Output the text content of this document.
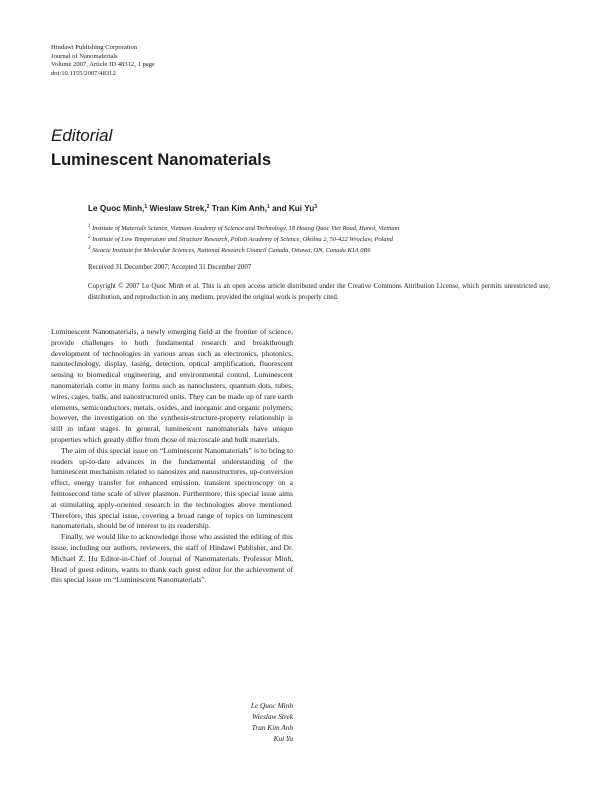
Hindawi Publishing Corporation
Journal of Nanomaterials
Volume 2007, Article ID 48312, 1 page
doi:10.1155/2007/48312
Editorial
Luminescent Nanomaterials
Le Quoc Minh,$^1$ Wieslaw Strek,$^2$ Tran Kim Anh,$^1$ and Kui Yu$^3$
$^1$ Institute of Materials Science, Vietnam Academy of Science and Technology, 18 Hoang Quoc Viet Road, Hanoi, Vietnam
$^2$ Institute of Low Temperature and Structure Research, Polish Academy of Science, Okólna 2, 50-422 Wroclaw, Poland
$^3$ Steacie Institute for Molecular Sciences, National Research Council Canada, Ottawa, ON, Canada K1A 0R6
Received 31 December 2007; Accepted 31 December 2007
Copyright © 2007 Le Quoc Minh et al. This is an open access article distributed under the Creative Commons Attribution License, which permits unrestricted use, distribution, and reproduction in any medium, provided the original work is properly cited.

Luminescent Nanomaterials, a newly emerging field at the frontier of science, provide challenges to both fundamental research and breakthrough development of technologies in various areas such as electronics, photonics, nanotechnology, display, lasing, detection, optical amplification, fluorescent sensing to biomedical engineering, and environmental control. Luminescent nanomaterials come in many forms such as nanoclusters, quantum dots, tubes, wires, cages, balls, and nanostructured units. They can be made up of rare earth elements, semiconductors, metals, oxides, and inorganic and organic polymers; however, the investigation on the synthesis-structure-property relationship is still in infant stages. In general, luminescent nanomaterials have unique properties which greatly differ from those of microscale and bulk materials.

The aim of this special issue on “Luminescent Nanomaterials” is to bring to readers up-to-date advances in the fundamental understanding of the luminescent mechanism related to nanosizes and nanostructures, up-conversion effect, energy transfer for enhanced emission, transient spectroscopy on a femtosecond time scale of silver plasmon. Furthermore, this special issue aims at stimulating apply-oriented research in the technologies above mentioned. Therefore, this special issue, covering a broad range of topics on luminescent nanomaterials, should be of interest to its readership.

Finally, we would like to acknowledge those who assisted the editing of this issue, including our authors, reviewers, the staff of Hindawi Publisher, and Dr. Michael Z. Hu Editor-in-Chief of Journal of Nanomaterials. Professor Minh, Head of guest editors, wants to thank each guest editor for the achievement of this special issue on “Luminescent Nanomaterials”.

Le Quoc Minh
Wieslaw Strek
Tran Kim Anh
Kui Yu
